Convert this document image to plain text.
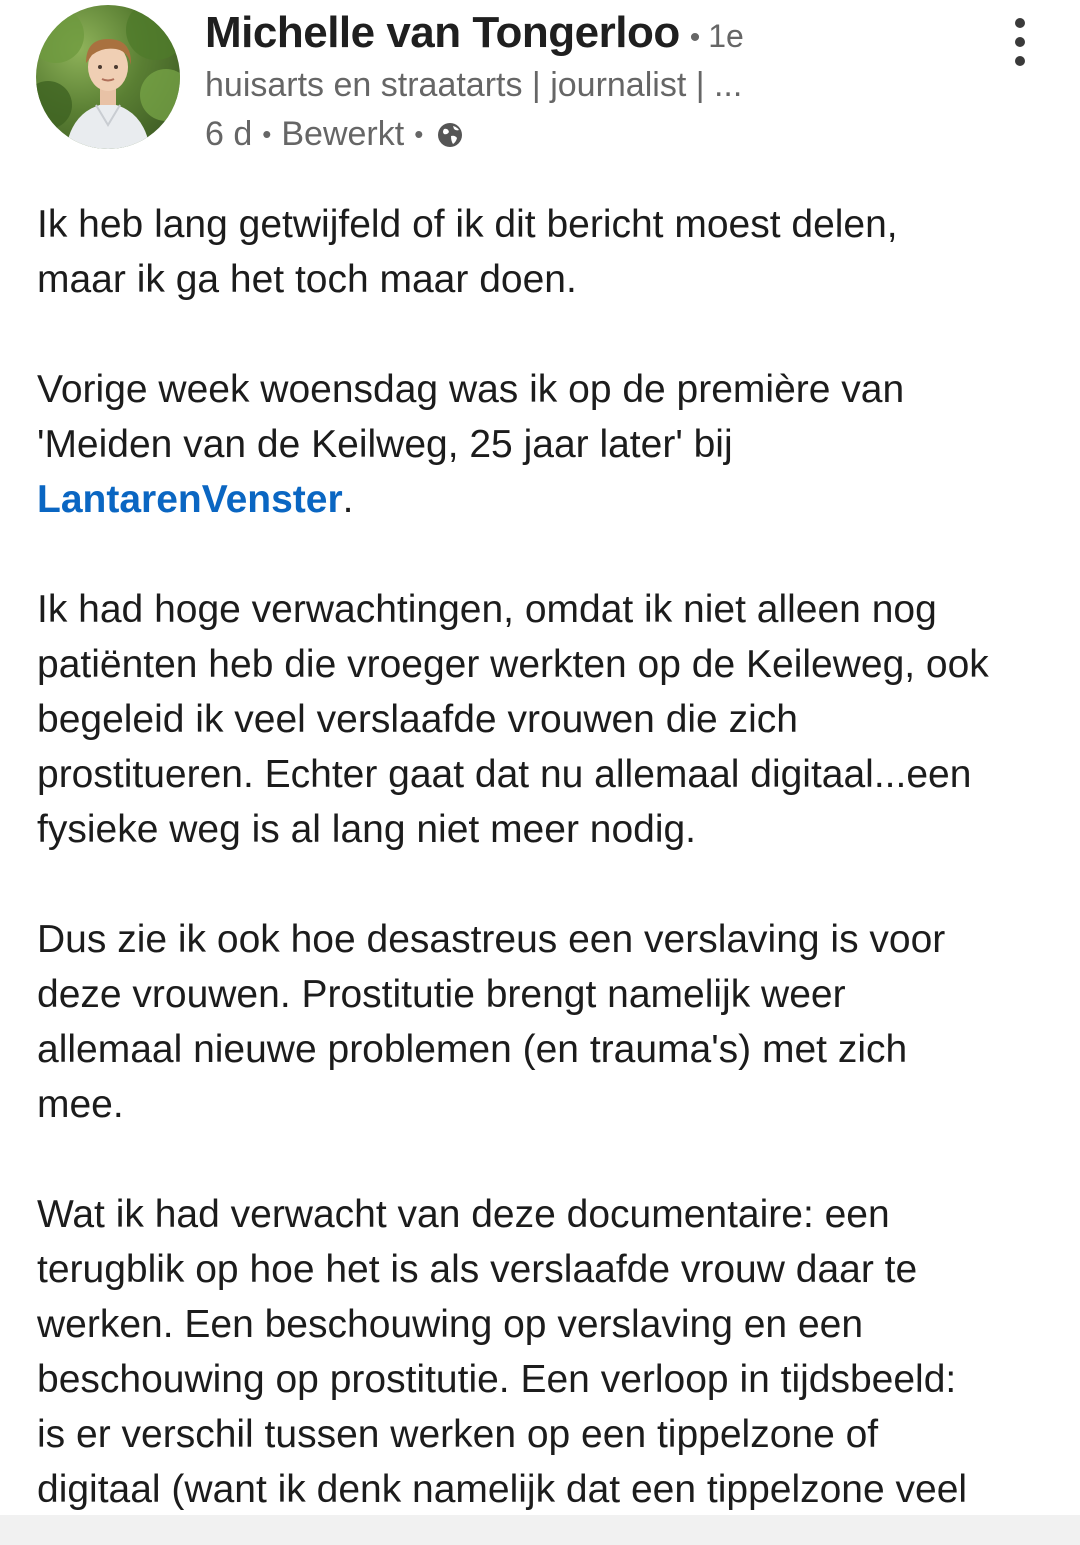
Michelle van Tongerloo • 1e
huisarts en straatarts | journalist | ...
6 d • Bewerkt •

Ik heb lang getwijfeld of ik dit bericht moest delen,
maar ik ga het toch maar doen.

Vorige week woensdag was ik op de première van
'Meiden van de Keilweg, 25 jaar later' bij
LantarenVenster.

Ik had hoge verwachtingen, omdat ik niet alleen nog
patiënten heb die vroeger werkten op de Keileweg, ook
begeleid ik veel verslaafde vrouwen die zich
prostitueren. Echter gaat dat nu allemaal digitaal...een
fysieke weg is al lang niet meer nodig.

Dus zie ik ook hoe desastreus een verslaving is voor
deze vrouwen. Prostitutie brengt namelijk weer
allemaal nieuwe problemen (en trauma's) met zich
mee.

Wat ik had verwacht van deze documentaire: een
terugblik op hoe het is als verslaafde vrouw daar te
werken. Een beschouwing op verslaving en een
beschouwing op prostitutie. Een verloop in tijdsbeeld:
is er verschil tussen werken op een tippelzone of
digitaal (want ik denk namelijk dat een tippelzone veel
